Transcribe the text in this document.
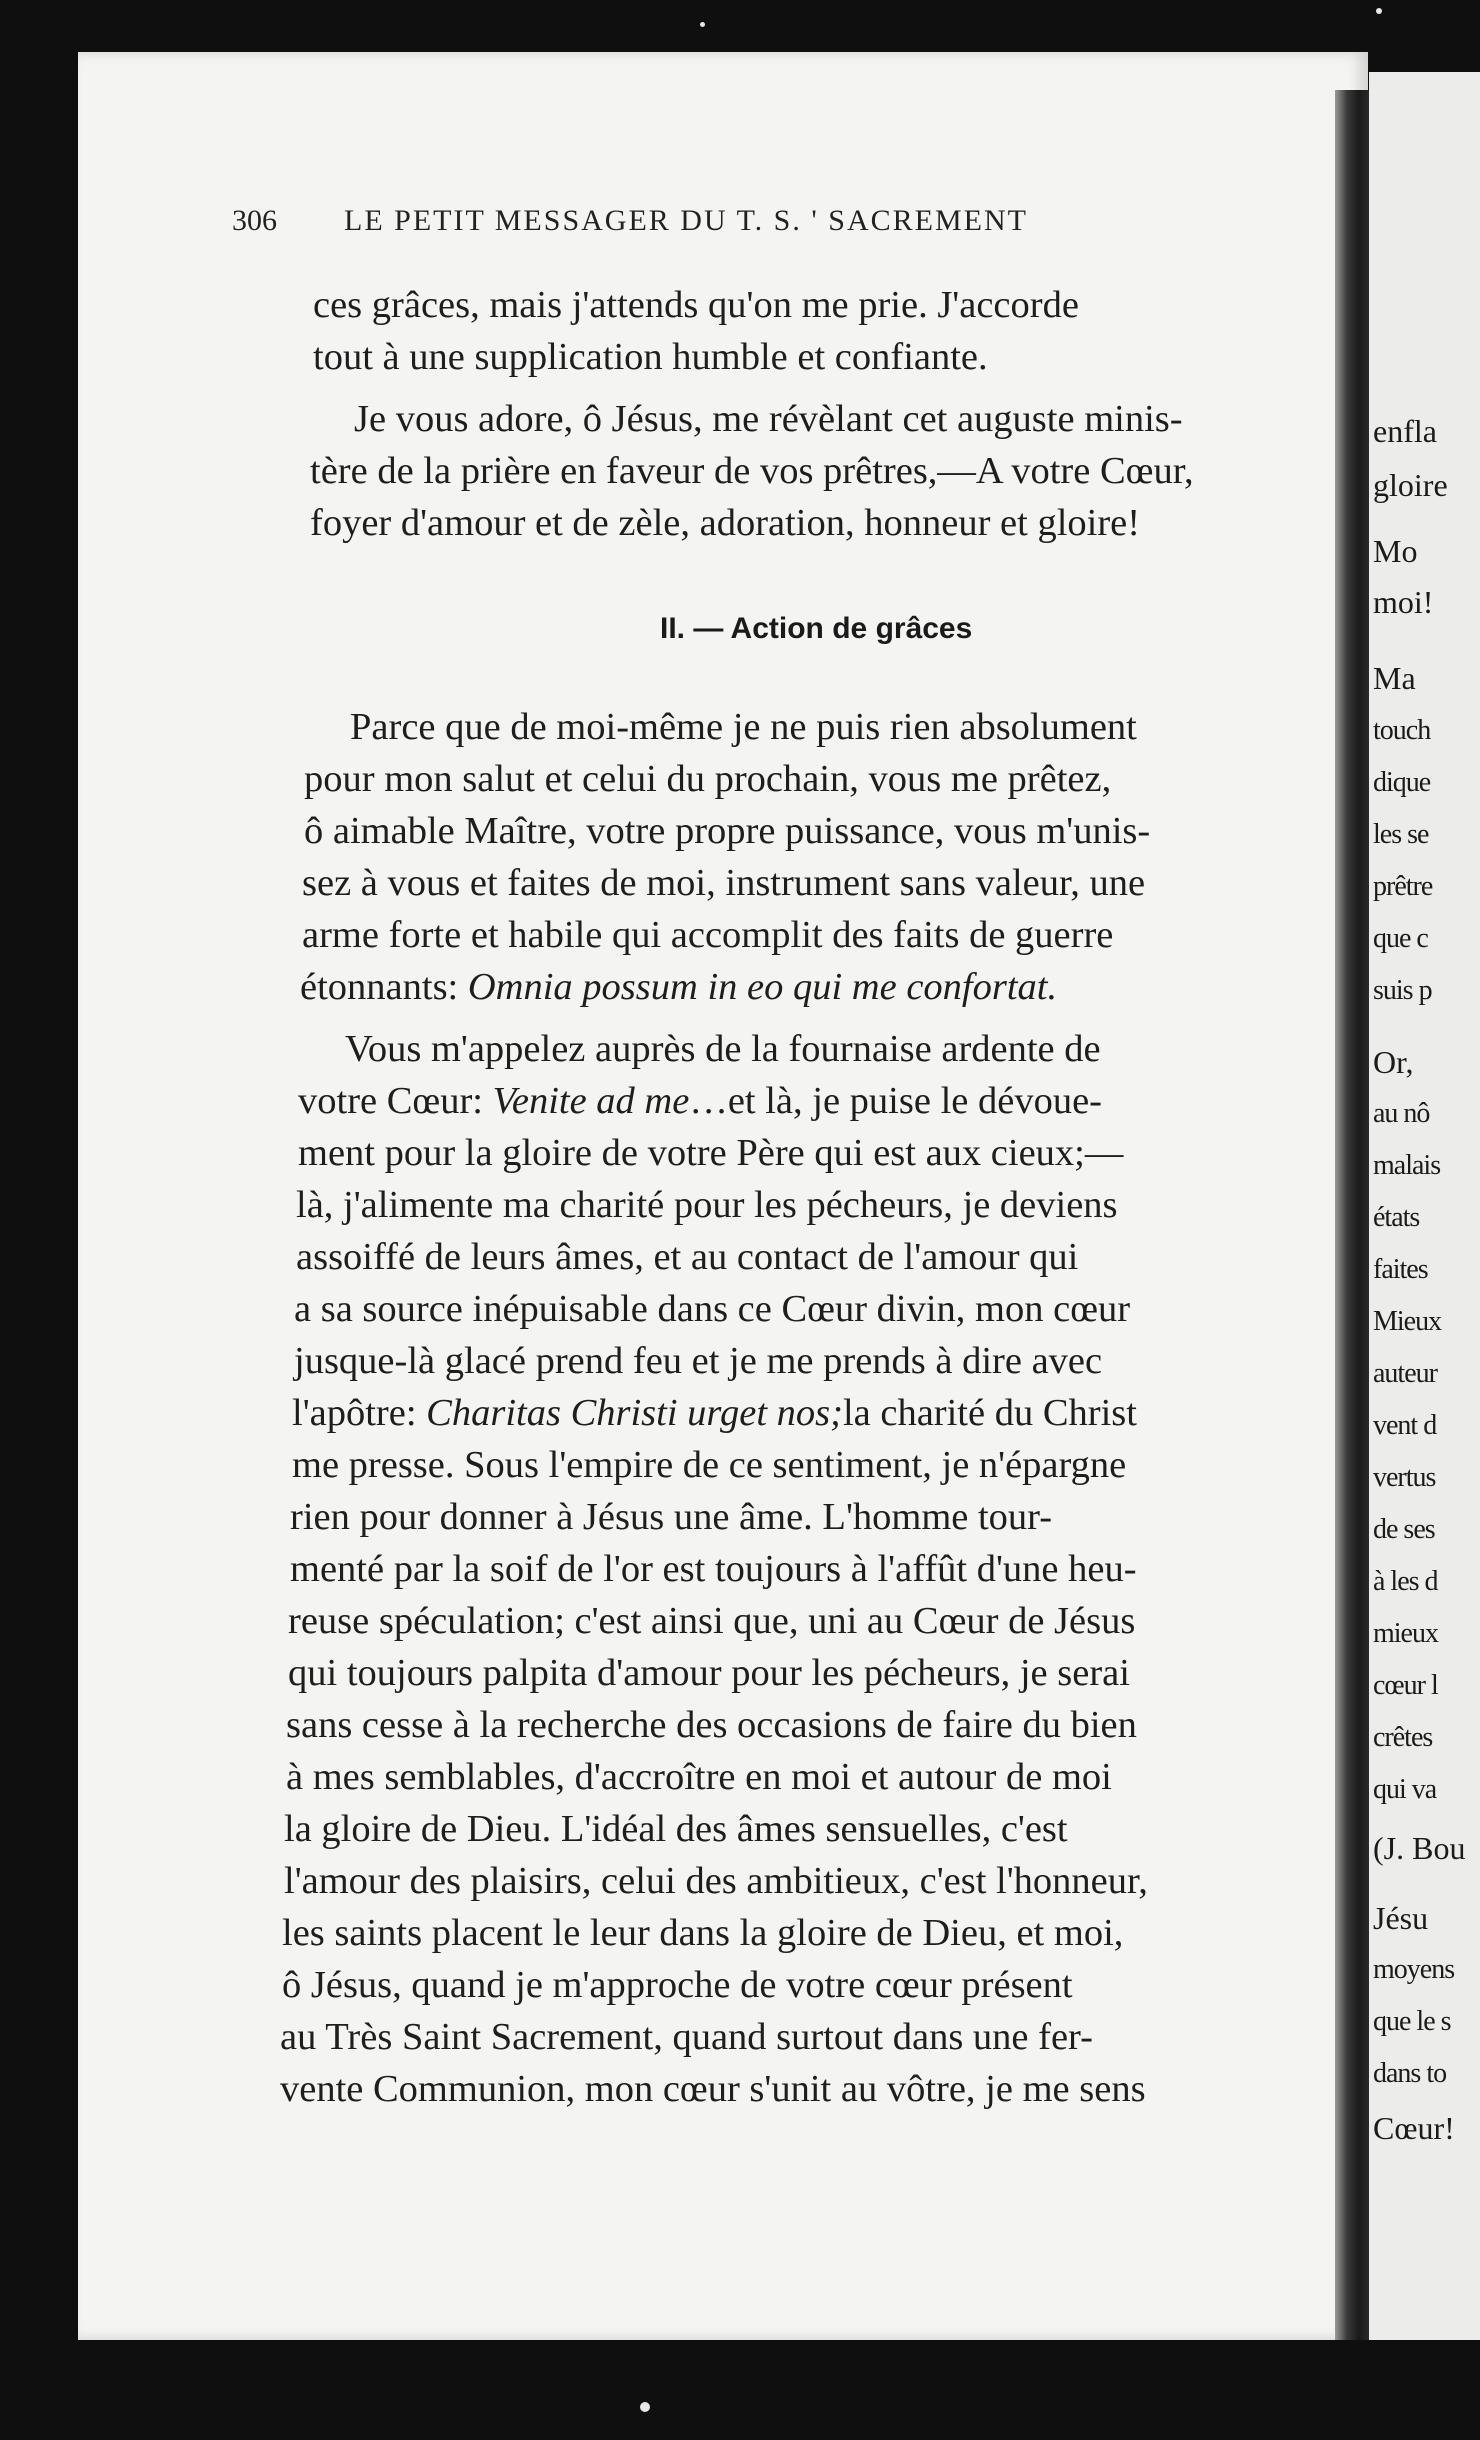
enfla
gloire
Mo
moi!
Ma
touch
dique
les se
prêtre
que c
suis p
Or,
au nô
malais
états
faites
Mieux
auteur
vent d
vertus
de ses
à les d
mieux
cœur l
crêtes
qui va
(J. Bou
Jésu
moyens
que le s
dans to
Cœur!
306 LE PETIT MESSAGER DU T. S. ' SACREMENT
ces grâces, mais j'attends qu'on me prie. J'accorde
tout à une supplication humble et confiante.
Je vous adore, ô Jésus, me révèlant cet auguste minis-
tère de la prière en faveur de vos prêtres,—A votre Cœur,
foyer d'amour et de zèle, adoration, honneur et gloire!
II. — Action de grâces
Parce que de moi-même je ne puis rien absolument
pour mon salut et celui du prochain, vous me prêtez,
ô aimable Maître, votre propre puissance, vous m'unis-
sez à vous et faites de moi, instrument sans valeur, une
arme forte et habile qui accomplit des faits de guerre
étonnants: Omnia possum in eo qui me confortat.
Vous m'appelez auprès de la fournaise ardente de
votre Cœur: Venite ad me…et là, je puise le dévoue-
ment pour la gloire de votre Père qui est aux cieux;—
là, j'alimente ma charité pour les pécheurs, je deviens
assoiffé de leurs âmes, et au contact de l'amour qui
a sa source inépuisable dans ce Cœur divin, mon cœur
jusque-là glacé prend feu et je me prends à dire avec
l'apôtre: Charitas Christi urget nos;la charité du Christ
me presse. Sous l'empire de ce sentiment, je n'épargne
rien pour donner à Jésus une âme. L'homme tour-
menté par la soif de l'or est toujours à l'affût d'une heu-
reuse spéculation; c'est ainsi que, uni au Cœur de Jésus
qui toujours palpita d'amour pour les pécheurs, je serai
sans cesse à la recherche des occasions de faire du bien
à mes semblables, d'accroître en moi et autour de moi
la gloire de Dieu. L'idéal des âmes sensuelles, c'est
l'amour des plaisirs, celui des ambitieux, c'est l'honneur,
les saints placent le leur dans la gloire de Dieu, et moi,
ô Jésus, quand je m'approche de votre cœur présent
au Très Saint Sacrement, quand surtout dans une fer-
vente Communion, mon cœur s'unit au vôtre, je me sens
